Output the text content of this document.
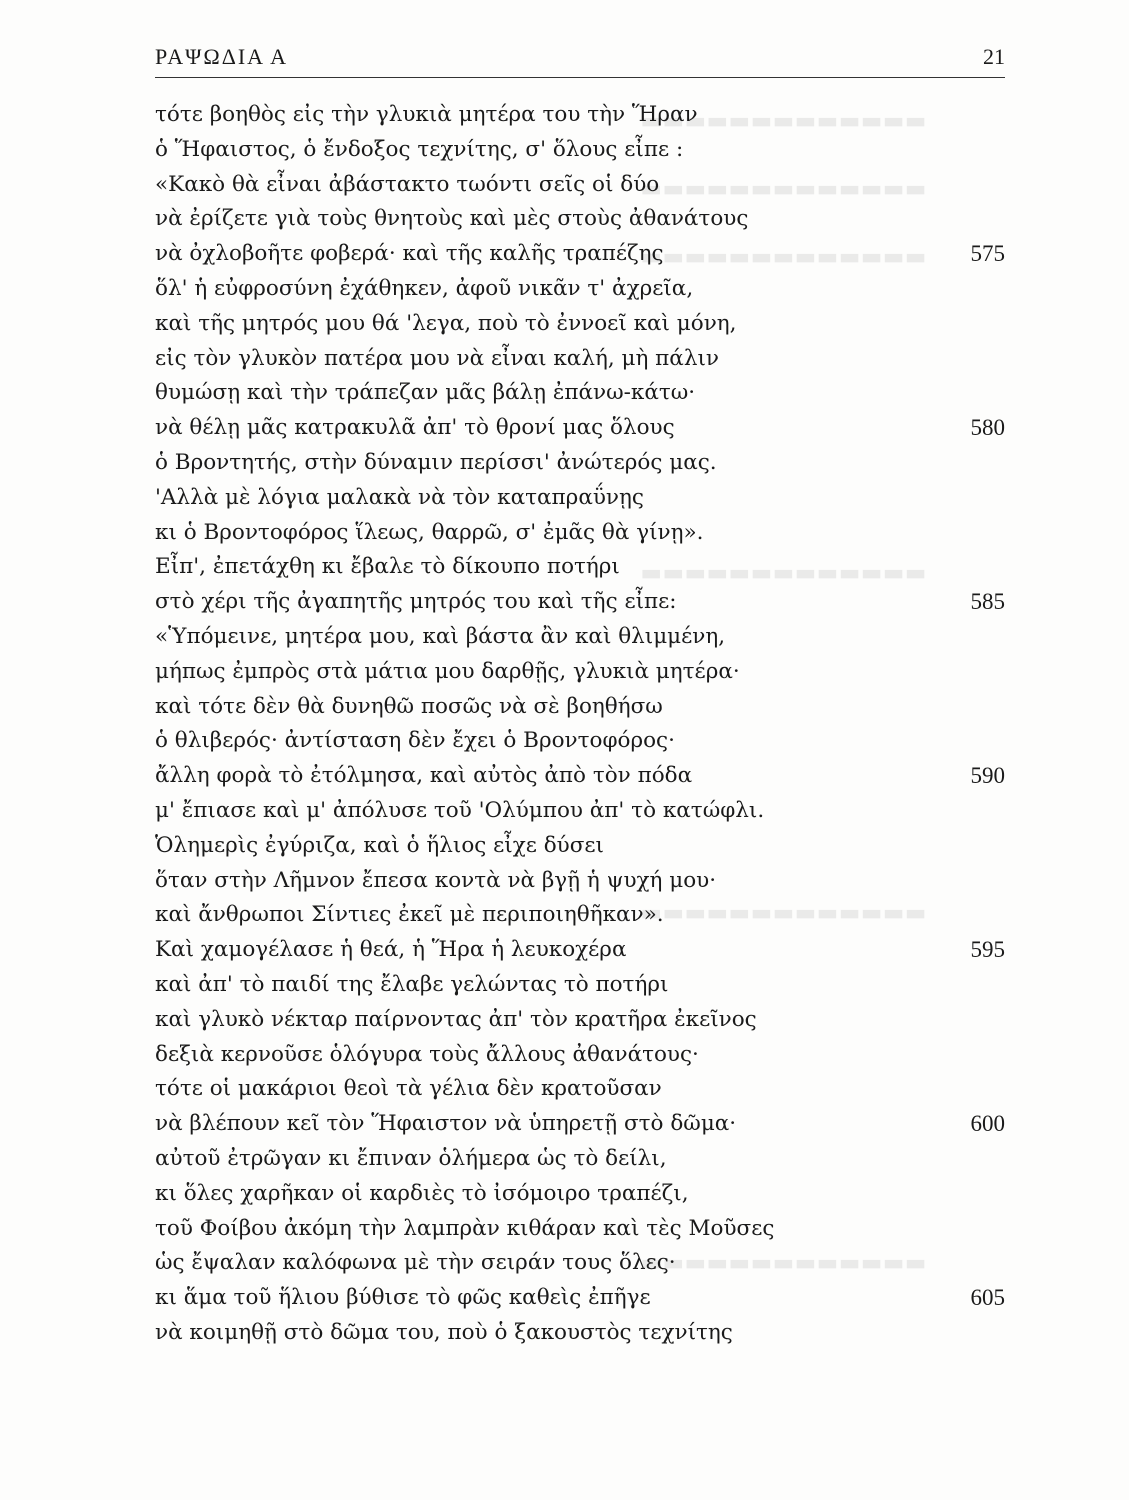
▬▬▬▬▬▬▬▬▬▬▬▬▬
▬▬▬▬▬▬▬▬▬▬▬▬▬
▬▬▬▬▬▬▬▬▬▬▬▬▬
▬▬▬▬▬▬▬▬▬▬▬▬▬
▬▬▬▬▬▬▬▬▬▬▬▬▬
▬▬▬▬▬▬▬▬▬▬▬▬▬
ΡΑΨΩΔΙΑ Α	21
τότε βοηθὸς εἰς τὴν γλυκιὰ μητέρα του τὴν Ἥραν
ὁ Ἥφαιστος, ὁ ἔνδοξος τεχνίτης, σ' ὅλους εἶπε :
«Κακὸ θὰ εἶναι ἀβάστακτο τωόντι σεῖς οἱ δύο
νὰ ἐρίζετε γιὰ τοὺς θνητοὺς καὶ μὲς στοὺς ἀθανάτους
νὰ ὀχλοβοῆτε φοβερά· καὶ τῆς καλῆς τραπέζης	575
ὅλ' ἡ εὐφροσύνη ἐχάθηκεν, ἀφοῦ νικᾶν τ' ἀχρεῖα,
καὶ τῆς μητρός μου θά 'λεγα, ποὺ τὸ ἐννοεῖ καὶ μόνη,
εἰς τὸν γλυκὸν πατέρα μου νὰ εἶναι καλή, μὴ πάλιν
θυμώσῃ καὶ τὴν τράπεζαν μᾶς βάλῃ ἐπάνω-κάτω·
νὰ θέλῃ μᾶς κατρακυλᾶ ἀπ' τὸ θρονί μας ὅλους	580
ὁ Βροντητής, στὴν δύναμιν περίσσι' ἀνώτερός μας.
'Αλλὰ μὲ λόγια μαλακὰ νὰ τὸν καταπραΰνῃς
κι ὁ Βροντοφόρος ἵλεως, θαρρῶ, σ' ἐμᾶς θὰ γίνῃ».
Εἶπ', ἐπετάχθη κι ἔβαλε τὸ δίκουπο ποτήρι
στὸ χέρι τῆς ἀγαπητῆς μητρός του καὶ τῆς εἶπε:	585
«Ὑπόμεινε, μητέρα μου, καὶ βάστα ἂν καὶ θλιμμένη,
μήπως ἐμπρὸς στὰ μάτια μου δαρθῇς, γλυκιὰ μητέρα·
καὶ τότε δὲν θὰ δυνηθῶ ποσῶς νὰ σὲ βοηθήσω
ὁ θλιβερός· ἀντίσταση δὲν ἔχει ὁ Βροντοφόρος·
ἄλλη φορὰ τὸ ἐτόλμησα, καὶ αὐτὸς ἀπὸ τὸν πόδα	590
μ' ἔπιασε καὶ μ' ἀπόλυσε τοῦ 'Ολύμπου ἀπ' τὸ κατώφλι.
Ὁλημερὶς ἐγύριζα, καὶ ὁ ἥλιος εἶχε δύσει
ὅταν στὴν Λῆμνον ἔπεσα κοντὰ νὰ βγῇ ἡ ψυχή μου·
καὶ ἄνθρωποι Σίντιες ἐκεῖ μὲ περιποιηθῆκαν».
Καὶ χαμογέλασε ἡ θεά, ἡ Ἥρα ἡ λευκοχέρα	595
καὶ ἀπ' τὸ παιδί της ἔλαβε γελώντας τὸ ποτήρι
καὶ γλυκὸ νέκταρ παίρνοντας ἀπ' τὸν κρατῆρα ἐκεῖνος
δεξιὰ κερνοῦσε ὁλόγυρα τοὺς ἄλλους ἀθανάτους·
τότε οἱ μακάριοι θεοὶ τὰ γέλια δὲν κρατοῦσαν
νὰ βλέπουν κεῖ τὸν Ἥφαιστον νὰ ὑπηρετῇ στὸ δῶμα·	600
αὐτοῦ ἐτρῶγαν κι ἔπιναν ὁλήμερα ὡς τὸ δείλι,
κι ὅλες χαρῆκαν οἱ καρδιὲς τὸ ἰσόμοιρο τραπέζι,
τοῦ Φοίβου ἀκόμη τὴν λαμπρὰν κιθάραν καὶ τὲς Μοῦσες
ὡς ἔψαλαν καλόφωνα μὲ τὴν σειράν τους ὅλες·
κι ἅμα τοῦ ἥλιου βύθισε τὸ φῶς καθεὶς ἐπῆγε	605
νὰ κοιμηθῇ στὸ δῶμα του, ποὺ ὁ ξακουστὸς τεχνίτης
